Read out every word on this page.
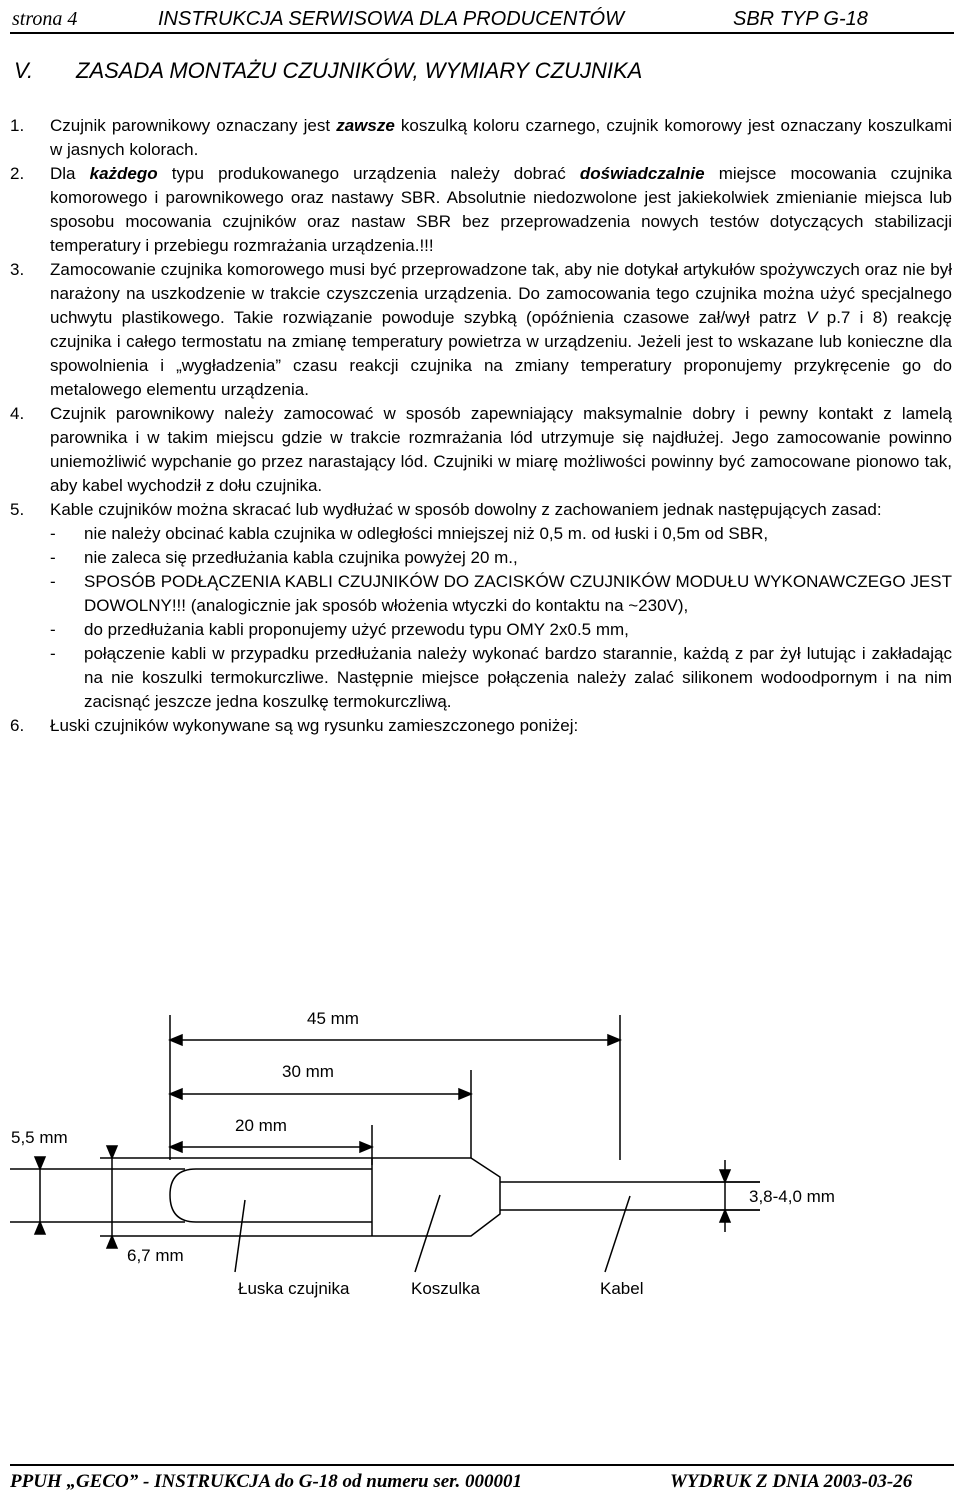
strona 4	INSTRUKCJA SERWISOWA DLA PRODUCENTÓW	SBR TYP G-18
V. ZASADA MONTAŻU CZUJNIKÓW, WYMIARY CZUJNIKA
1. Czujnik parownikowy oznaczany jest zawsze koszulką koloru czarnego, czujnik komorowy jest oznaczany koszulkami w jasnych kolorach.
2. Dla każdego typu produkowanego urządzenia należy dobrać doświadczalnie miejsce mocowania czujnika komorowego i parownikowego oraz nastawy SBR. Absolutnie niedozwolone jest jakiekolwiek zmienianie miejsca lub sposobu mocowania czujników oraz nastaw SBR bez przeprowadzenia nowych testów dotyczących stabilizacji temperatury i przebiegu rozmrażania urządzenia.!!!
3. Zamocowanie czujnika komorowego musi być przeprowadzone tak, aby nie dotykał artykułów spożywczych oraz nie był narażony na uszkodzenie w trakcie czyszczenia urządzenia. Do zamocowania tego czujnika można użyć specjalnego uchwytu plastikowego. Takie rozwiązanie powoduje szybką (opóźnienia czasowe zał/wył patrz V p.7 i 8) reakcję czujnika i całego termostatu na zmianę temperatury powietrza w urządzeniu. Jeżeli jest to wskazane lub konieczne dla spowolnienia i „wygładzenia” czasu reakcji czujnika na zmiany temperatury proponujemy przykręcenie go do metalowego elementu urządzenia.
4. Czujnik parownikowy należy zamocować w sposób zapewniający maksymalnie dobry i pewny kontakt z lamelą parownika i w takim miejscu gdzie w trakcie rozmrażania lód utrzymuje się najdłużej. Jego zamocowanie powinno uniemożliwić wypchanie go przez narastający lód. Czujniki w miarę możliwości powinny być zamocowane pionowo tak, aby kabel wychodził z dołu czujnika.
5. Kable czujników można skracać lub wydłużać w sposób dowolny z zachowaniem jednak następujących zasad:
- nie należy obcinać kabla czujnika w odległości mniejszej niż 0,5 m. od łuski i 0,5m od SBR,
- nie zaleca się przedłużania kabla czujnika powyżej 20 m.,
- SPOSÓB PODŁĄCZENIA KABLI CZUJNIKÓW DO ZACISKÓW CZUJNIKÓW MODUŁU WYKONAWCZEGO JEST DOWOLNY!!! (analogicznie jak sposób włożenia wtyczki do kontaktu na ~230V),
- do przedłużania kabli proponujemy użyć przewodu typu OMY 2x0.5 mm,
- połączenie kabli w przypadku przedłużania należy wykonać bardzo starannie, każdą z par żył lutując i zakładając na nie koszulki termokurczliwe. Następnie miejsce połączenia należy zalać silikonem wodoodpornym i na nim zacisnąć jeszcze jedna koszulkę termokurczliwą.
6. Łuski czujników wykonywane są wg rysunku zamieszczonego poniżej:
45 mm
30 mm
20 mm
5,5 mm
6,7 mm
3,8-4,0 mm
Łuska czujnika	Koszulka	Kabel
PPUH „GECO” - INSTRUKCJA do G-18 od numeru ser. 000001	WYDRUK Z DNIA 2003-03-26
